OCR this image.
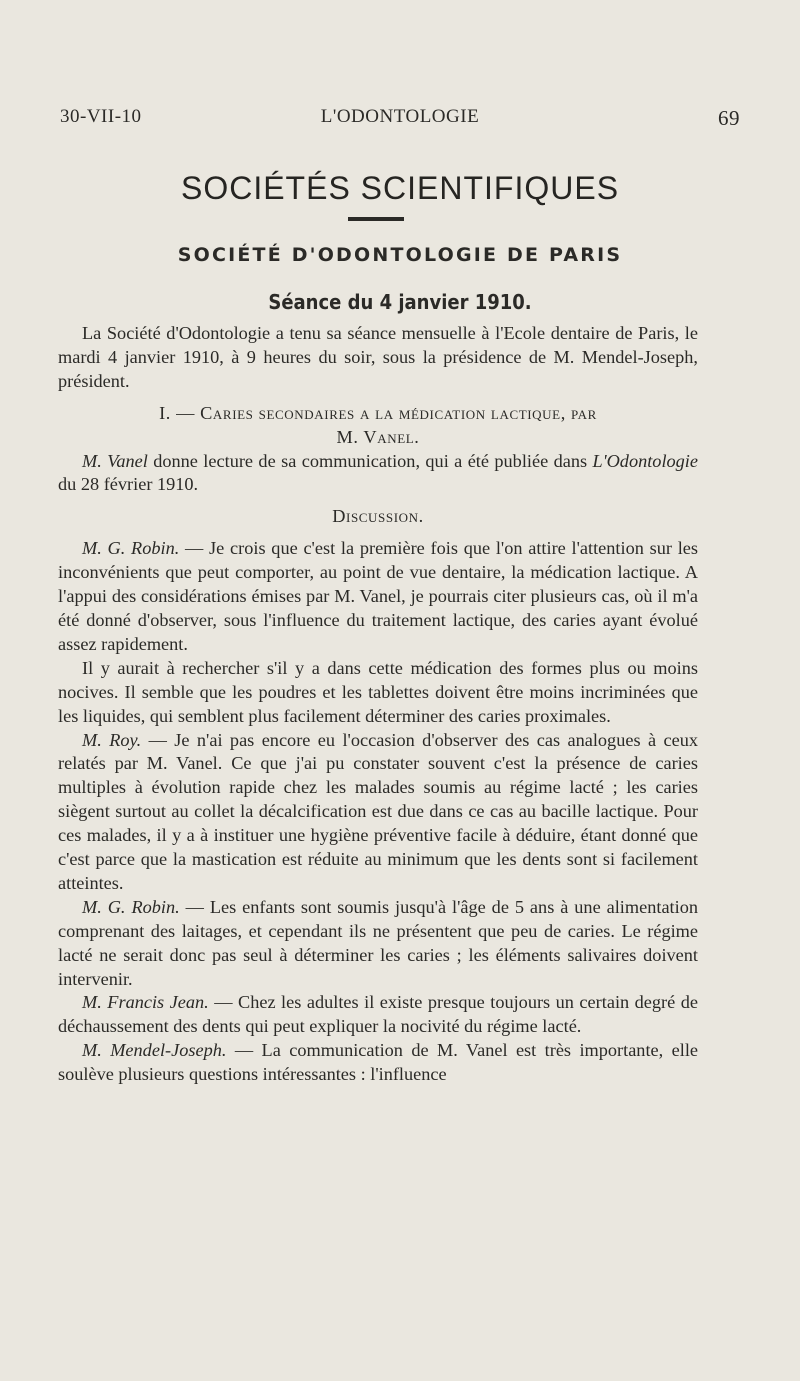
30-VII-10	L'ODONTOLOGIE	69
SOCIÉTÉS SCIENTIFIQUES
SOCIÉTÉ D'ODONTOLOGIE DE PARIS
Séance du 4 janvier 1910.

La Société d'Odontologie a tenu sa séance mensuelle à l'Ecole dentaire de Paris, le mardi 4 janvier 1910, à 9 heures du soir, sous la présidence de M. Mendel-Joseph, président.

I. — Caries secondaires a la médication lactique, par
M. Vanel.

M. Vanel donne lecture de sa communication, qui a été publiée dans L'Odontologie du 28 février 1910.

Discussion.

M. G. Robin. — Je crois que c'est la première fois que l'on attire l'attention sur les inconvénients que peut comporter, au point de vue dentaire, la médication lactique. A l'appui des considérations émises par M. Vanel, je pourrais citer plusieurs cas, où il m'a été donné d'observer, sous l'influence du traitement lactique, des caries ayant évolué assez rapidement.

Il y aurait à rechercher s'il y a dans cette médication des formes plus ou moins nocives. Il semble que les poudres et les tablettes doivent être moins incriminées que les liquides, qui semblent plus facilement déterminer des caries proximales.

M. Roy. — Je n'ai pas encore eu l'occasion d'observer des cas analogues à ceux relatés par M. Vanel. Ce que j'ai pu constater souvent c'est la présence de caries multiples à évolution rapide chez les malades soumis au régime lacté ; les caries siègent surtout au collet la décalcification est due dans ce cas au bacille lactique. Pour ces malades, il y a à instituer une hygiène préventive facile à déduire, étant donné que c'est parce que la mastication est réduite au minimum que les dents sont si facilement atteintes.

M. G. Robin. — Les enfants sont soumis jusqu'à l'âge de 5 ans à une alimentation comprenant des laitages, et cependant ils ne présentent que peu de caries. Le régime lacté ne serait donc pas seul à déterminer les caries ; les éléments salivaires doivent intervenir.

M. Francis Jean. — Chez les adultes il existe presque toujours un certain degré de déchaussement des dents qui peut expliquer la nocivité du régime lacté.

M. Mendel-Joseph. — La communication de M. Vanel est très importante, elle soulève plusieurs questions intéressantes : l'influence
